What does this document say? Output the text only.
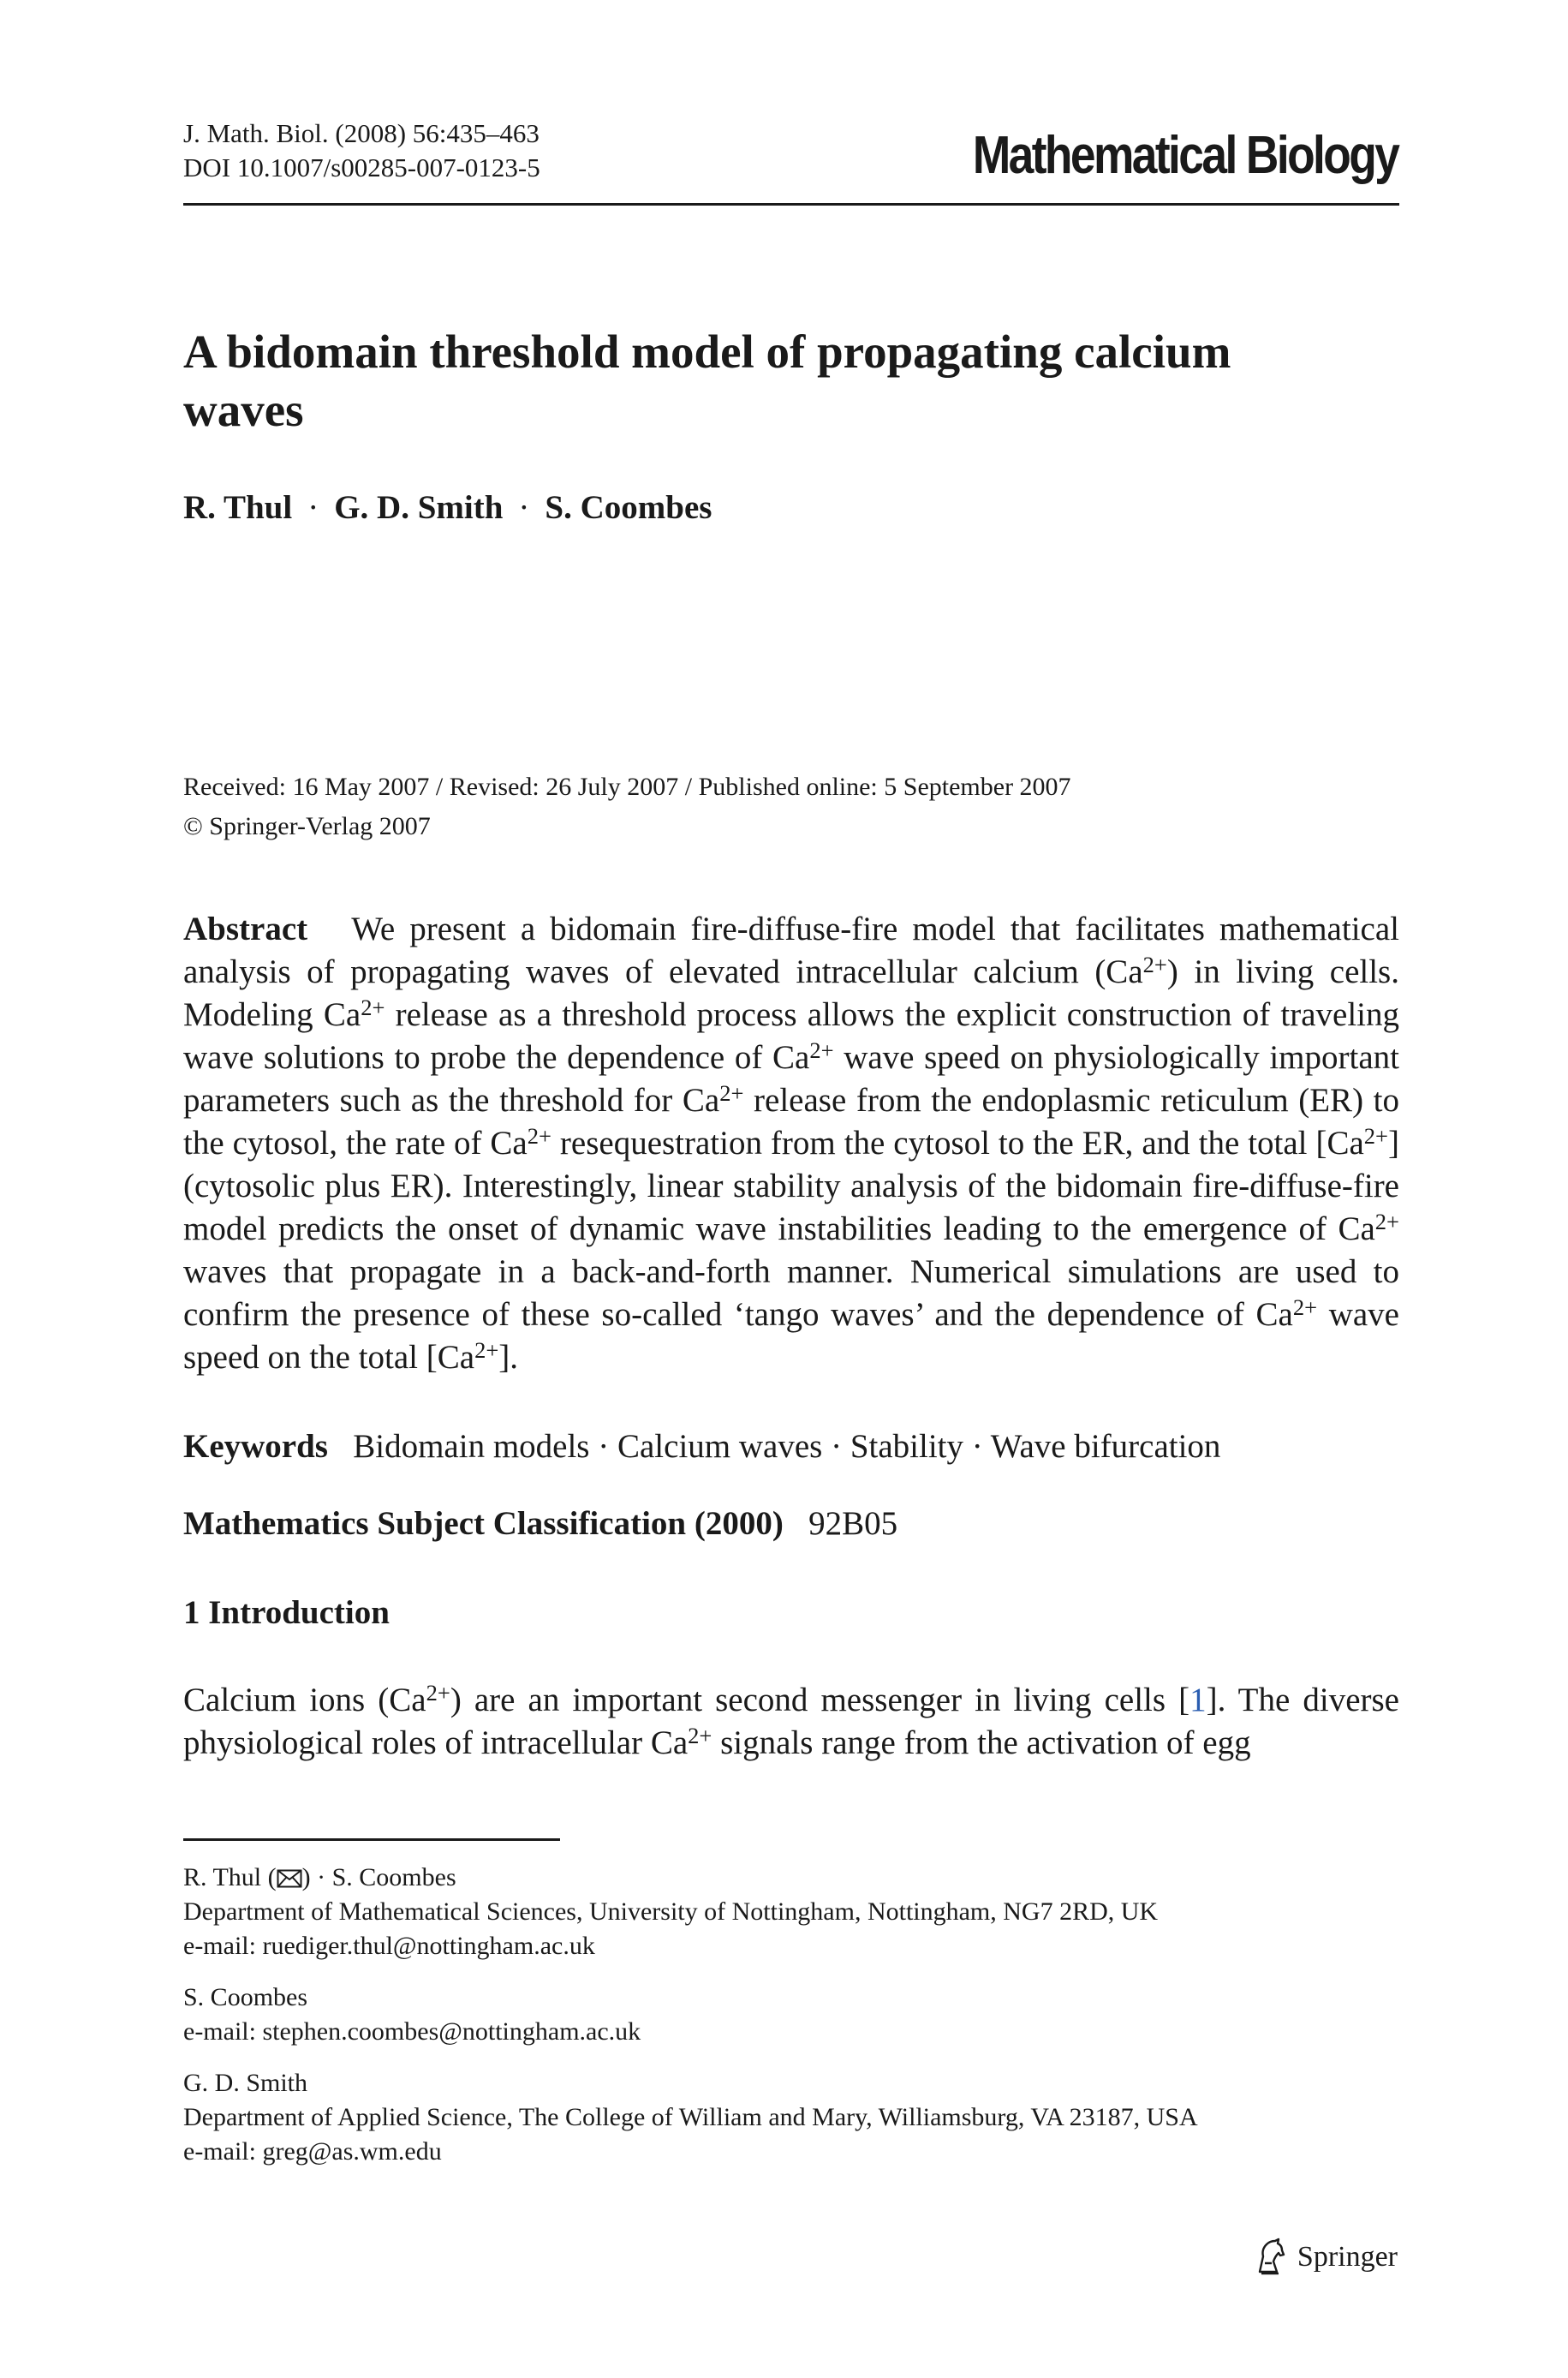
J. Math. Biol. (2008) 56:435–463
DOI 10.1007/s00285-007-0123-5	Mathematical Biology
A bidomain threshold model of propagating calcium waves
R. Thul · G. D. Smith · S. Coombes
Received: 16 May 2007 / Revised: 26 July 2007 / Published online: 5 September 2007
© Springer-Verlag 2007
Abstract We present a bidomain fire-diffuse-fire model that facilitates mathematical analysis of propagating waves of elevated intracellular calcium $(Ca^{2+})$ in living cells. Modeling $Ca^{2+}$ release as a threshold process allows the explicit construction of traveling wave solutions to probe the dependence of $Ca^{2+}$ wave speed on physiologically important parameters such as the threshold for $Ca^{2+}$ release from the endoplasmic reticulum (ER) to the cytosol, the rate of $Ca^{2+}$ resequestration from the cytosol to the ER, and the total $[Ca^{2+}]$ (cytosolic plus ER). Interestingly, linear stability analysis of the bidomain fire-diffuse-fire model predicts the onset of dynamic wave instabilities leading to the emergence of $Ca^{2+}$ waves that propagate in a back-and-forth manner. Numerical simulations are used to confirm the presence of these so-called ‘tango waves’ and the dependence of $Ca^{2+}$ wave speed on the total $[Ca^{2+}]$.
Keywords Bidomain models · Calcium waves · Stability · Wave bifurcation
Mathematics Subject Classification (2000) 92B05
1 Introduction
Calcium ions $(Ca^{2+})$ are an important second messenger in living cells [1]. The diverse physiological roles of intracellular $Ca^{2+}$ signals range from the activation of egg
R. Thul ( ) · S. Coombes
Department of Mathematical Sciences, University of Nottingham, Nottingham, NG7 2RD, UK
e-mail: ruediger.thul@nottingham.ac.uk
S. Coombes
e-mail: stephen.coombes@nottingham.ac.uk
G. D. Smith
Department of Applied Science, The College of William and Mary, Williamsburg, VA 23187, USA
e-mail: greg@as.wm.edu
Springer
